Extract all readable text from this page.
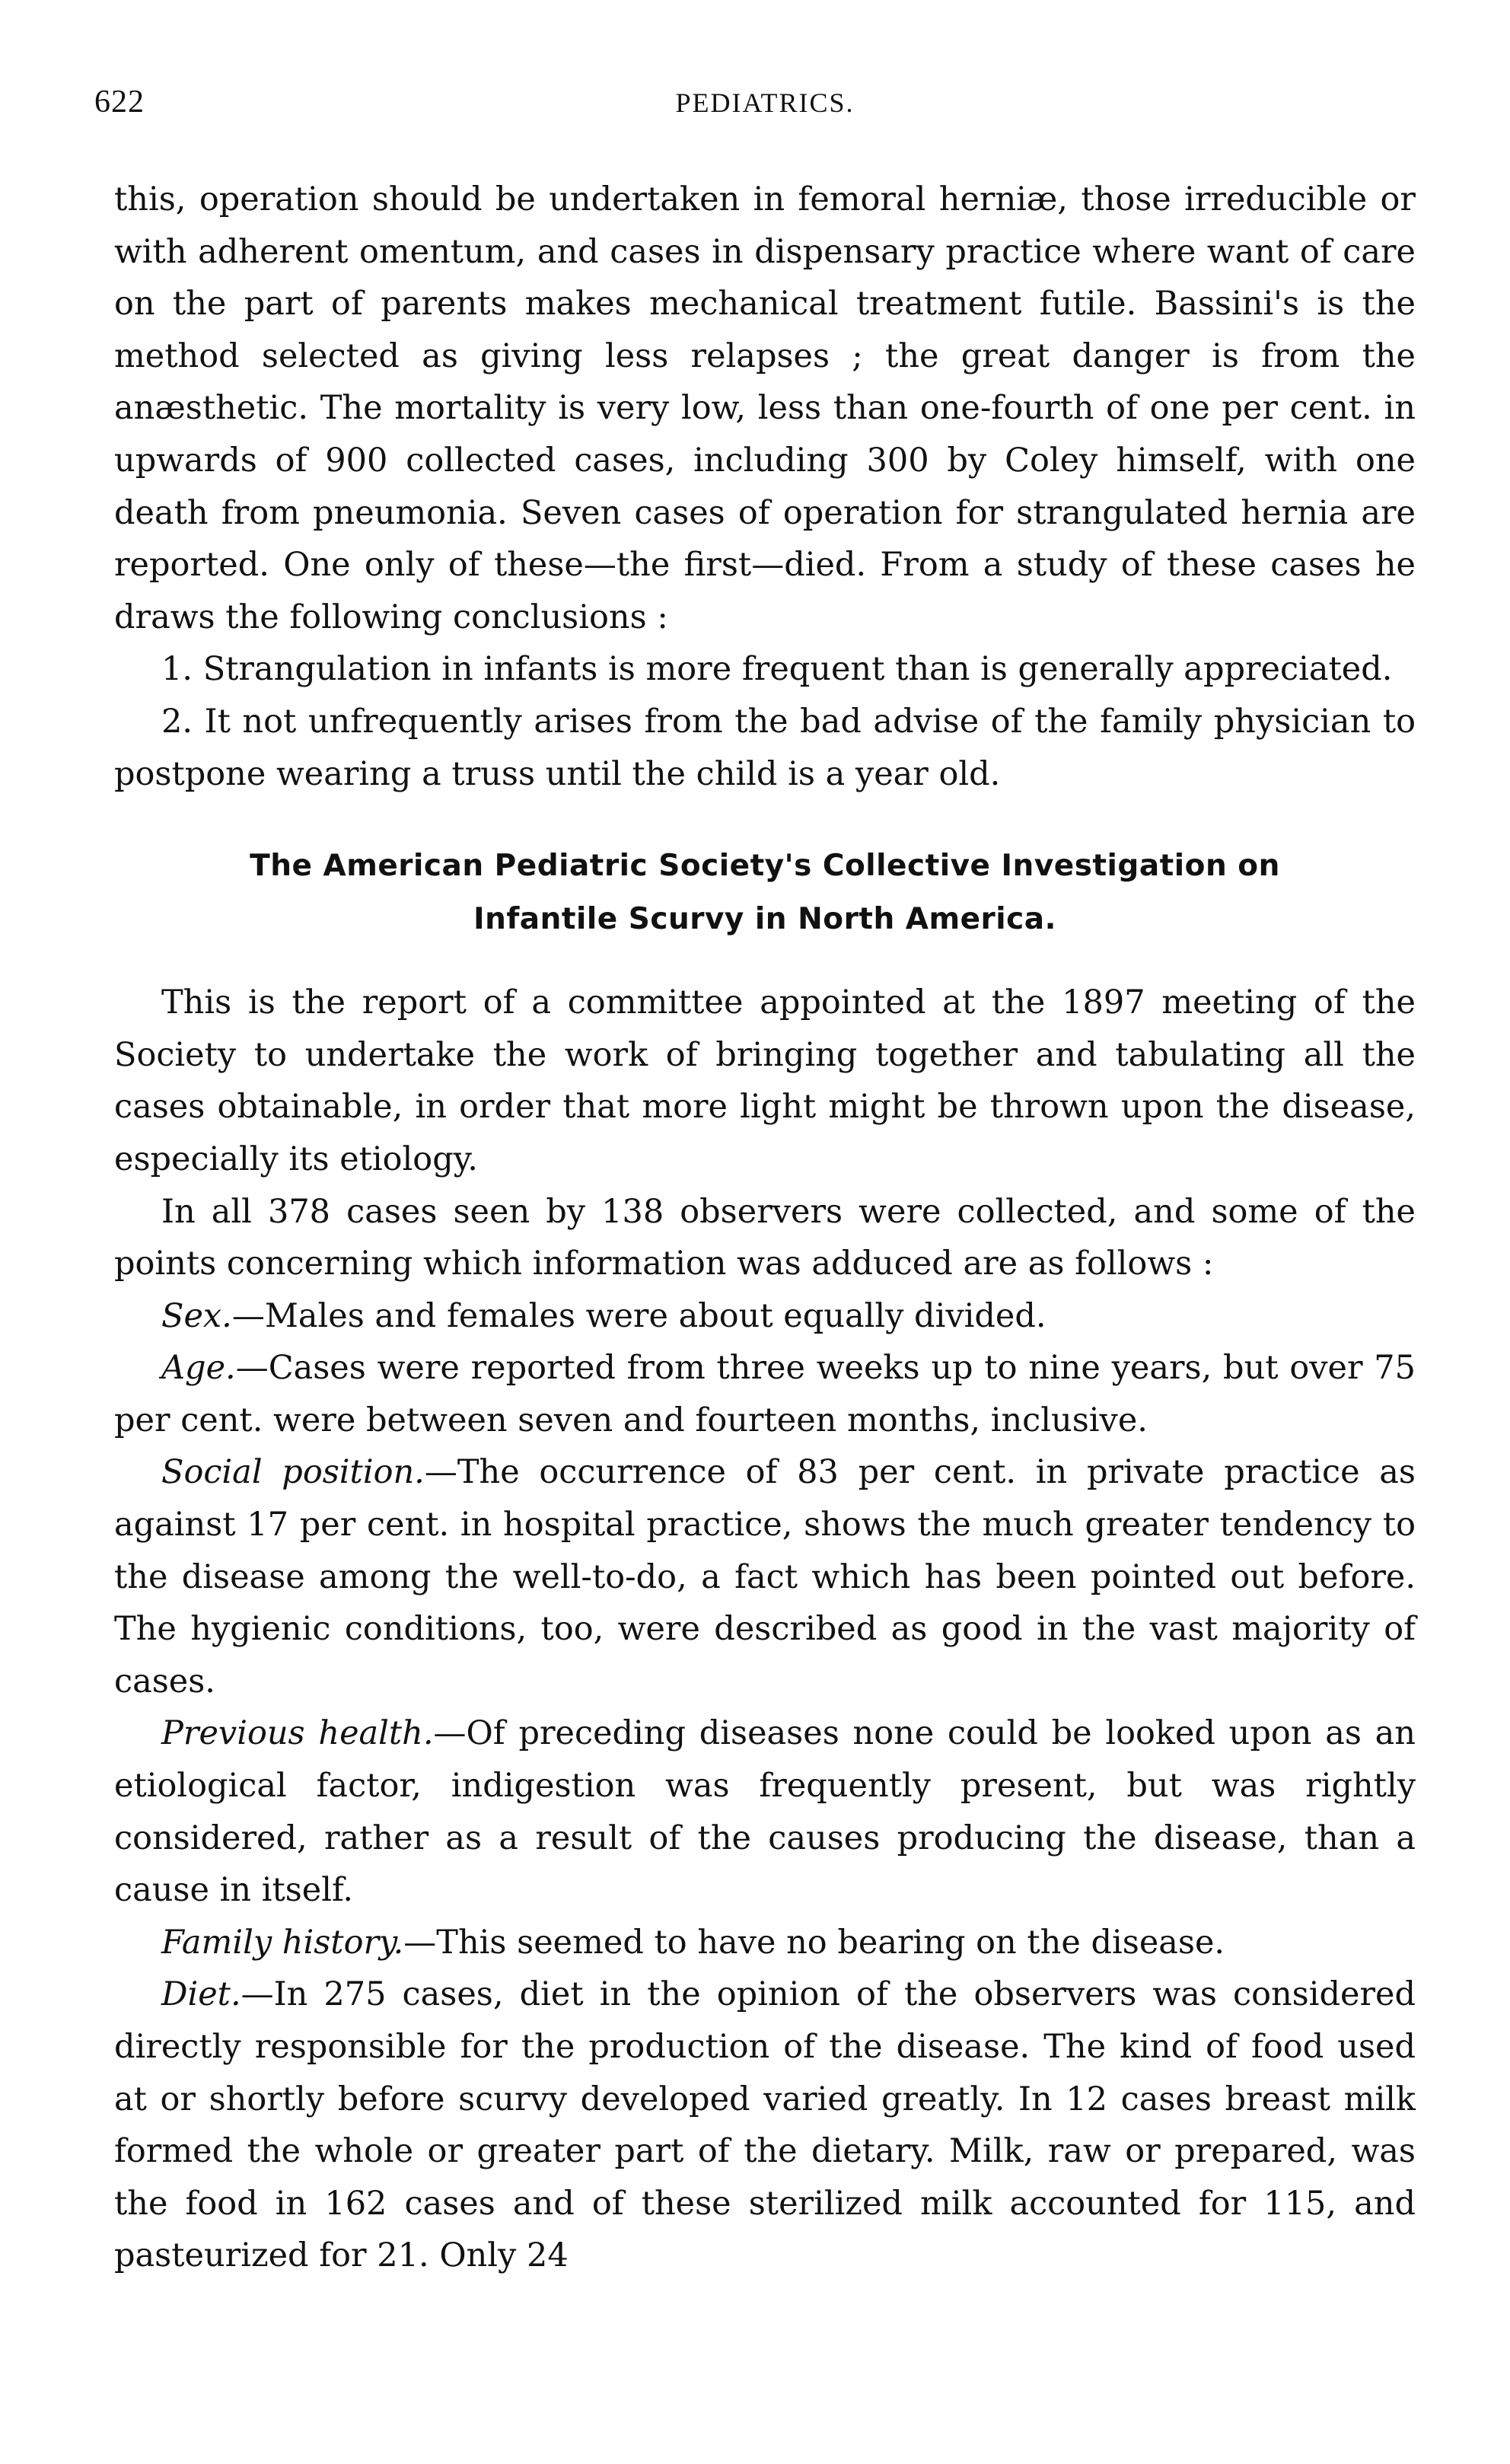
622	PEDIATRICS.

this, operation should be undertaken in femoral herniæ, those irreducible or with adherent omentum, and cases in dispensary practice where want of care on the part of parents makes mechanical treatment futile. Bassini's is the method selected as giving less relapses ; the great danger is from the anæsthetic. The mortality is very low, less than one-fourth of one per cent. in upwards of 900 collected cases, including 300 by Coley himself, with one death from pneumonia. Seven cases of operation for strangulated hernia are reported. One only of these—the first—died. From a study of these cases he draws the following conclusions :

1. Strangulation in infants is more frequent than is generally appreciated.

2. It not unfrequently arises from the bad advise of the family physician to postpone wearing a truss until the child is a year old.

The American Pediatric Society's Collective Investigation on
Infantile Scurvy in North America.

This is the report of a committee appointed at the 1897 meeting of the Society to undertake the work of bringing together and tabulating all the cases obtainable, in order that more light might be thrown upon the disease, especially its etiology.

In all 378 cases seen by 138 observers were collected, and some of the points concerning which information was adduced are as follows :

Sex.—Males and females were about equally divided.

Age.—Cases were reported from three weeks up to nine years, but over 75 per cent. were between seven and fourteen months, inclusive.

Social position.—The occurrence of 83 per cent. in private practice as against 17 per cent. in hospital practice, shows the much greater tendency to the disease among the well-to-do, a fact which has been pointed out before. The hygienic conditions, too, were described as good in the vast majority of cases.

Previous health.—Of preceding diseases none could be looked upon as an etiological factor, indigestion was frequently present, but was rightly considered, rather as a result of the causes producing the disease, than a cause in itself.

Family history.—This seemed to have no bearing on the disease.

Diet.—In 275 cases, diet in the opinion of the observers was considered directly responsible for the production of the disease. The kind of food used at or shortly before scurvy developed varied greatly. In 12 cases breast milk formed the whole or greater part of the dietary. Milk, raw or prepared, was the food in 162 cases and of these sterilized milk accounted for 115, and pasteurized for 21. Only 24
